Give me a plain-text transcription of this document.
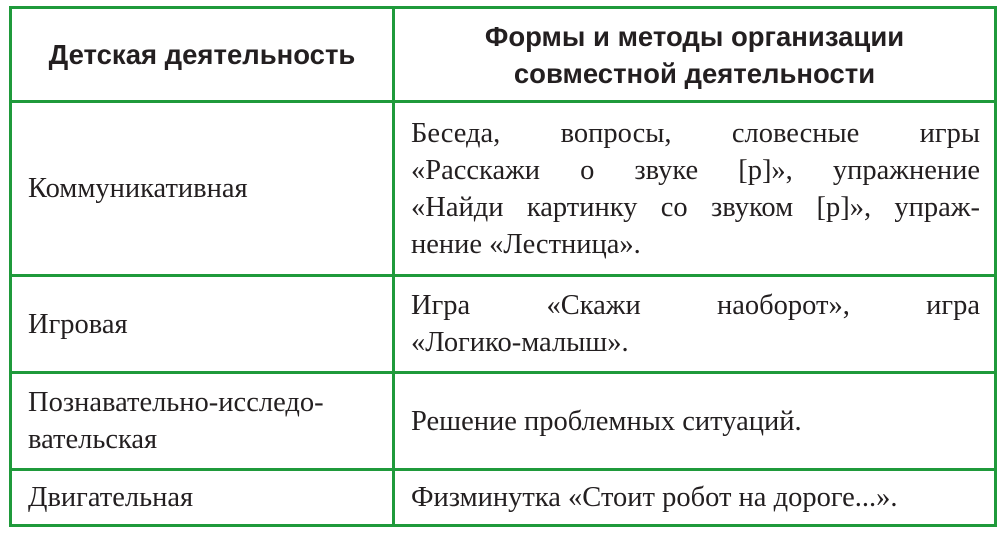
Детская деятельность	Формы и методы организации
совместной деятельности

Коммуникативная	Беседа, вопросы, словесные игры
«Расскажи о звуке [р]», упражнение
«Найди картинку со звуком [р]», упраж-
нение «Лестница».

Игровая	Игра «Скажи наоборот», игра
«Логико-малыш».

Познавательно-исследо-
вательская	Решение проблемных ситуаций.
Двигательная	Физминутка «Стоит робот на дороге...».
